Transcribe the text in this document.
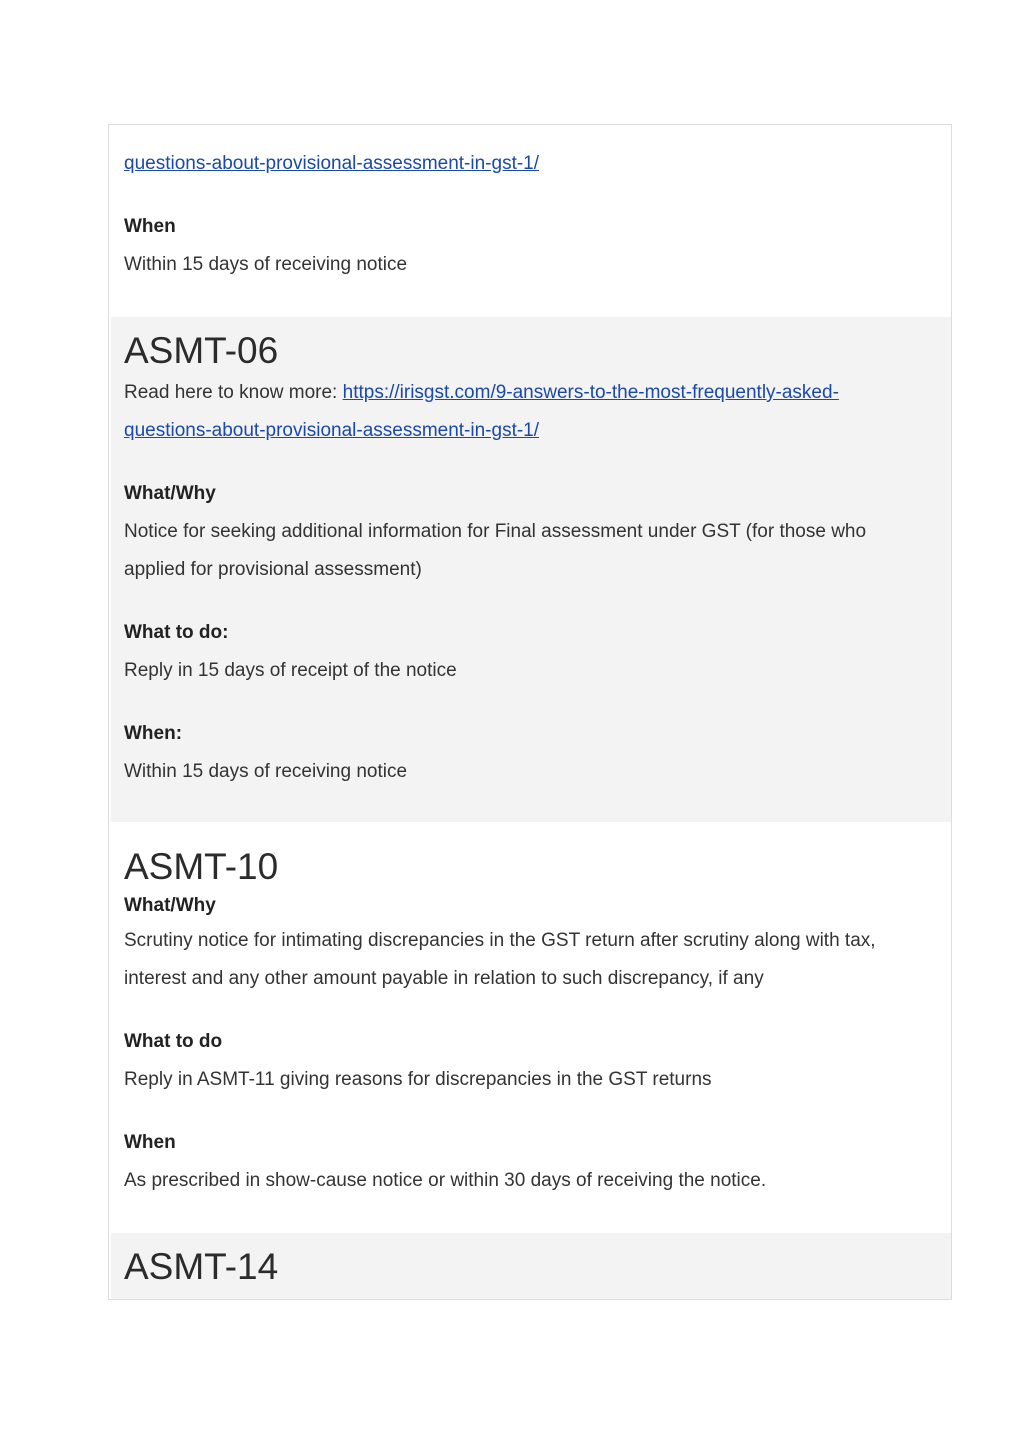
questions-about-provisional-assessment-in-gst-1/

When

Within 15 days of receiving notice

ASMT-06

Read here to know more: https://irisgst.com/9-answers-to-the-most-frequently-asked-

questions-about-provisional-assessment-in-gst-1/

What/Why

Notice for seeking additional information for Final assessment under GST (for those who

applied for provisional assessment)

What to do:

Reply in 15 days of receipt of the notice

When:

Within 15 days of receiving notice

ASMT-10

What/Why

Scrutiny notice for intimating discrepancies in the GST return after scrutiny along with tax,

interest and any other amount payable in relation to such discrepancy, if any

What to do

Reply in ASMT-11 giving reasons for discrepancies in the GST returns

When

As prescribed in show-cause notice or within 30 days of receiving the notice.

ASMT-14
